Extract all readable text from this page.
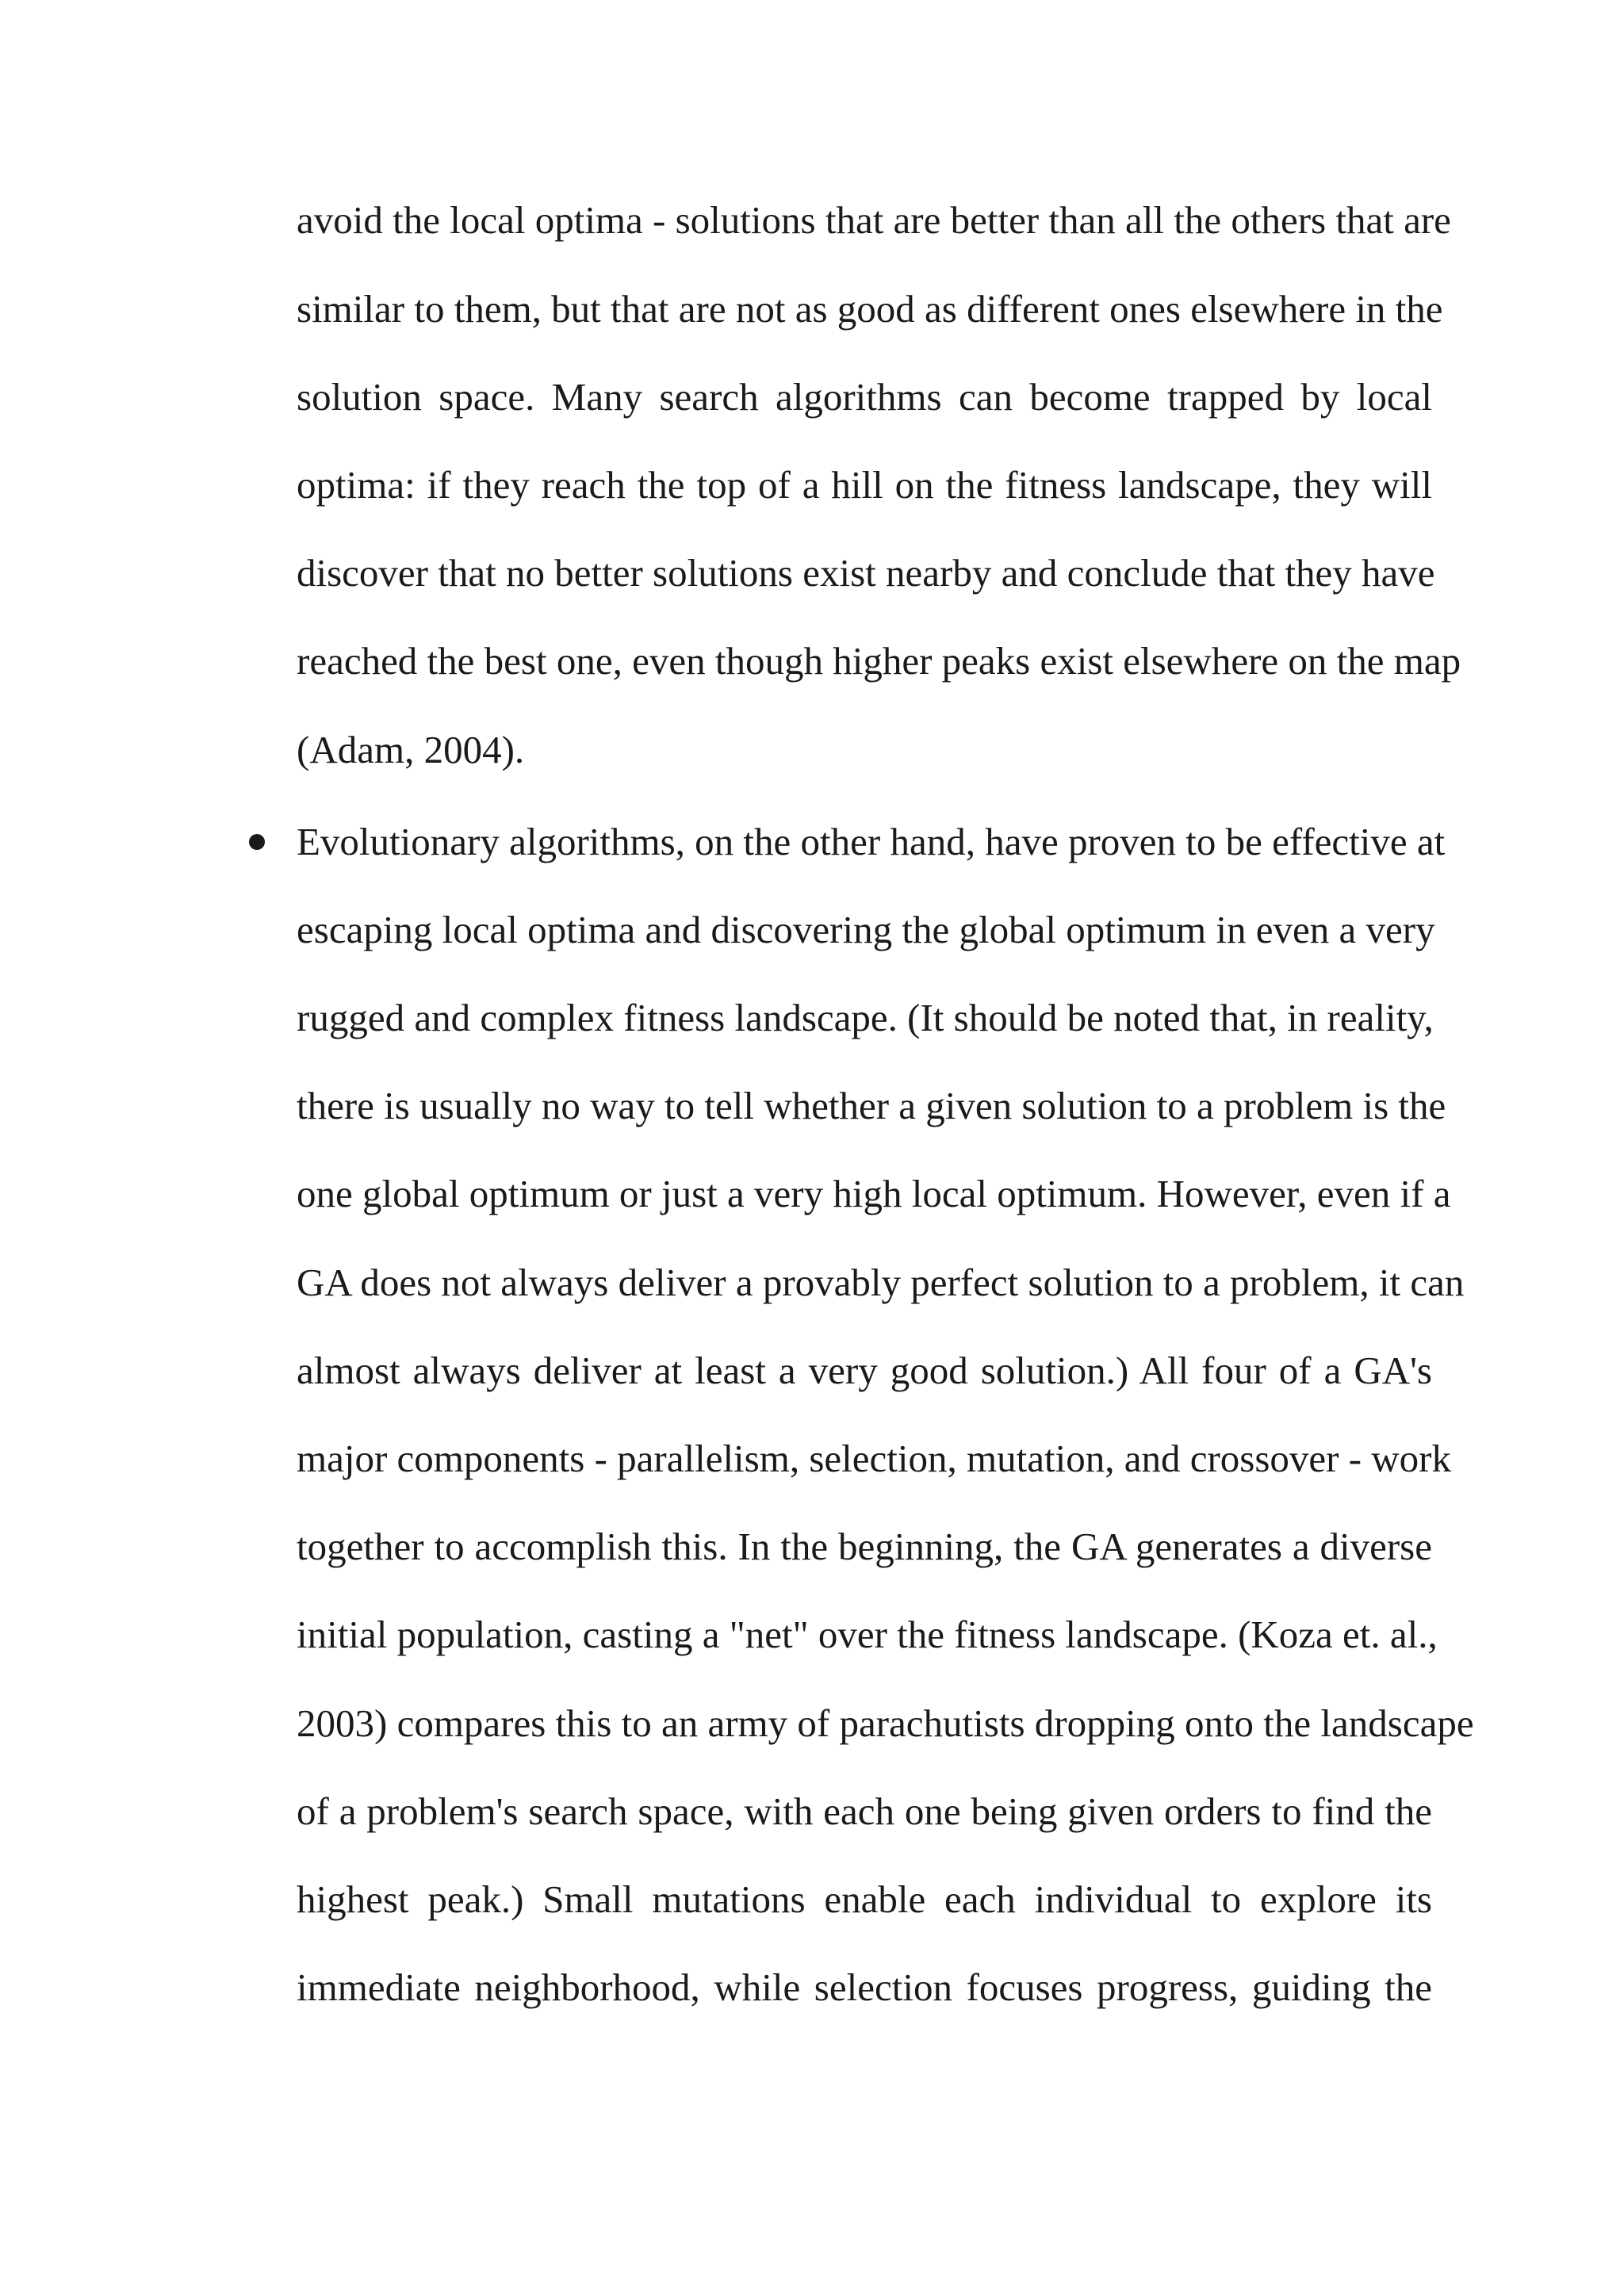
avoid the local optima - solutions that are better than all the others that are
similar to them, but that are not as good as different ones elsewhere in the
solution space. Many search algorithms can become trapped by local
optima: if they reach the top of a hill on the fitness landscape, they will
discover that no better solutions exist nearby and conclude that they have
reached the best one, even though higher peaks exist elsewhere on the map
(Adam, 2004).
Evolutionary algorithms, on the other hand, have proven to be effective at
escaping local optima and discovering the global optimum in even a very
rugged and complex fitness landscape. (It should be noted that, in reality,
there is usually no way to tell whether a given solution to a problem is the
one global optimum or just a very high local optimum. However, even if a
GA does not always deliver a provably perfect solution to a problem, it can
almost always deliver at least a very good solution.) All four of a GA's
major components - parallelism, selection, mutation, and crossover - work
together to accomplish this. In the beginning, the GA generates a diverse
initial population, casting a "net" over the fitness landscape. (Koza et. al.,
2003) compares this to an army of parachutists dropping onto the landscape
of a problem's search space, with each one being given orders to find the
highest peak.) Small mutations enable each individual to explore its
immediate neighborhood, while selection focuses progress, guiding the
